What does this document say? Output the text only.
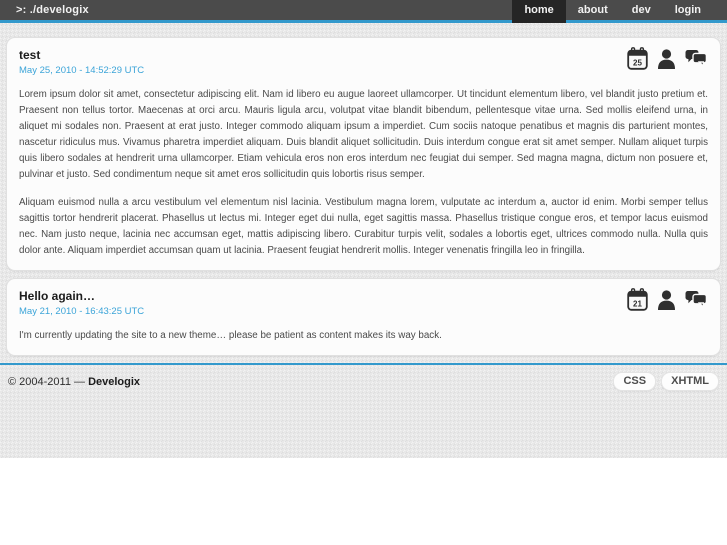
>: ./develogix	home	about	dev	login
test
May 25, 2010 - 14:52:29 UTC
25

Lorem ipsum dolor sit amet, consectetur adipiscing elit. Nam id libero eu augue laoreet ullamcorper. Ut tincidunt elementum libero, vel blandit justo pretium et. Praesent non tellus tortor. Maecenas at orci arcu. Mauris ligula arcu, volutpat vitae blandit bibendum, pellentesque vitae urna. Sed mollis eleifend urna, in aliquet mi sodales non. Praesent at erat justo. Integer commodo aliquam ipsum a imperdiet. Cum sociis natoque penatibus et magnis dis parturient montes, nascetur ridiculus mus. Vivamus pharetra imperdiet aliquam. Duis blandit aliquet sollicitudin. Duis interdum congue erat sit amet semper. Nullam aliquet turpis quis libero sodales at hendrerit urna ullamcorper. Etiam vehicula eros non eros interdum nec feugiat dui semper. Sed magna magna, dictum non posuere et, pulvinar et justo. Sed condimentum neque sit amet eros sollicitudin quis lobortis risus semper.

Aliquam euismod nulla a arcu vestibulum vel elementum nisl lacinia. Vestibulum magna lorem, vulputate ac interdum a, auctor id enim. Morbi semper tellus sagittis tortor hendrerit placerat. Phasellus ut lectus mi. Integer eget dui nulla, eget sagittis massa. Phasellus tristique congue eros, et tempor lacus euismod nec. Nam justo neque, lacinia nec accumsan eget, mattis adipiscing libero. Curabitur turpis velit, sodales a lobortis eget, ultrices commodo nulla. Nulla quis dolor ante. Aliquam imperdiet accumsan quam ut lacinia. Praesent feugiat hendrerit mollis. Integer venenatis fringilla leo in fringilla.

Hello again…
May 21, 2010 - 16:43:25 UTC
21

I'm currently updating the site to a new theme… please be patient as content makes its way back.

© 2004-2011 — Develogix	CSS	XHTML
